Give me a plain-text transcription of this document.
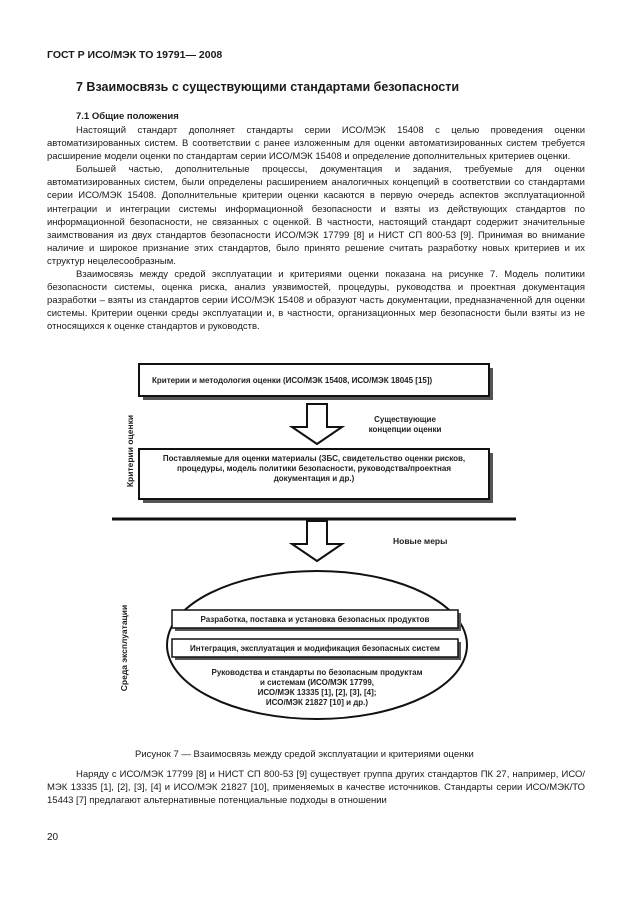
ГОСТ Р ИСО/МЭК ТО 19791— 2008
7 Взаимосвязь с существующими стандартами безопасности
7.1 Общие положения

Настоящий стандарт дополняет стандарты серии ИСО/МЭК 15408 с целью проведения оценки автоматизированных систем. В соответствии с ранее изложенным для оценки автоматизированных систем требуется расширение модели оценки по стандартам серии ИСО/МЭК 15408 и определение дополнительных критериев оценки.

Большей частью, дополнительные процессы, документация и задания, требуемые для оценки автоматизированных систем, были определены расширением аналогичных концепций в соответствии со стандартами серии ИСО/МЭК 15408. Дополнительные критерии оценки касаются в первую очередь аспектов эксплуатационной интеграции и интеграции системы информационной безопасности и взяты из действующих стандартов по информационной безопасности, не связанных с оценкой. В частности, настоящий стандарт содержит значительные заимствования из двух стандартов безопасности ИСО/МЭК 17799 [8] и НИСТ СП 800-53 [9]. Принимая во внимание наличие и широкое признание этих стандартов, было принято решение считать разработку новых критериев и их структур нецелесообразным.

Взаимосвязь между средой эксплуатации и критериями оценки показана на рисунке 7. Модель политики безопасности системы, оценка риска, анализ уязвимостей, процедуры, руководства и проектная документация разработки – взяты из стандартов серии ИСО/МЭК 15408 и образуют часть документации, предназначенной для оценки системы. Критерии оценки среды эксплуатации и, в частности, организационных мер безопасности были взяты из не относящихся к оценке стандартов и руководств.

Критерии и методология оценки (ИСО/МЭК 15408, ИСО/МЭК 18045 [15])
Существующие концепции оценки
Поставляемые для оценки материалы (ЗБС, свидетельство оценки рисков, процедуры, модель политики безопасности, руководства/проектная документация и др.)
Критерии оценки
Новые меры
Среда эксплуатации	Разработка, поставка и установка безопасных продуктов
Интеграция, эксплуатация и модификация безопасных систем
Руководства и стандарты по безопасным продуктам
и системам (ИСО/МЭК 17799,
ИСО/МЭК 13335 [1], [2], [3], [4];
ИСО/МЭК 21827 [10] и др.)
Рисунок 7 — Взаимосвязь между средой эксплуатации и критериями оценки

Наряду с ИСО/МЭК 17799 [8] и НИСТ СП 800-53 [9] существует группа других стандартов ПК 27, например, ИСО/МЭК 13335 [1], [2], [3], [4] и ИСО/МЭК 21827 [10], применяемых в качестве источников. Стандарты серии ИСО/МЭК/ТО 15443 [7] предлагают альтернативные потенциальные подходы в отношении

20
